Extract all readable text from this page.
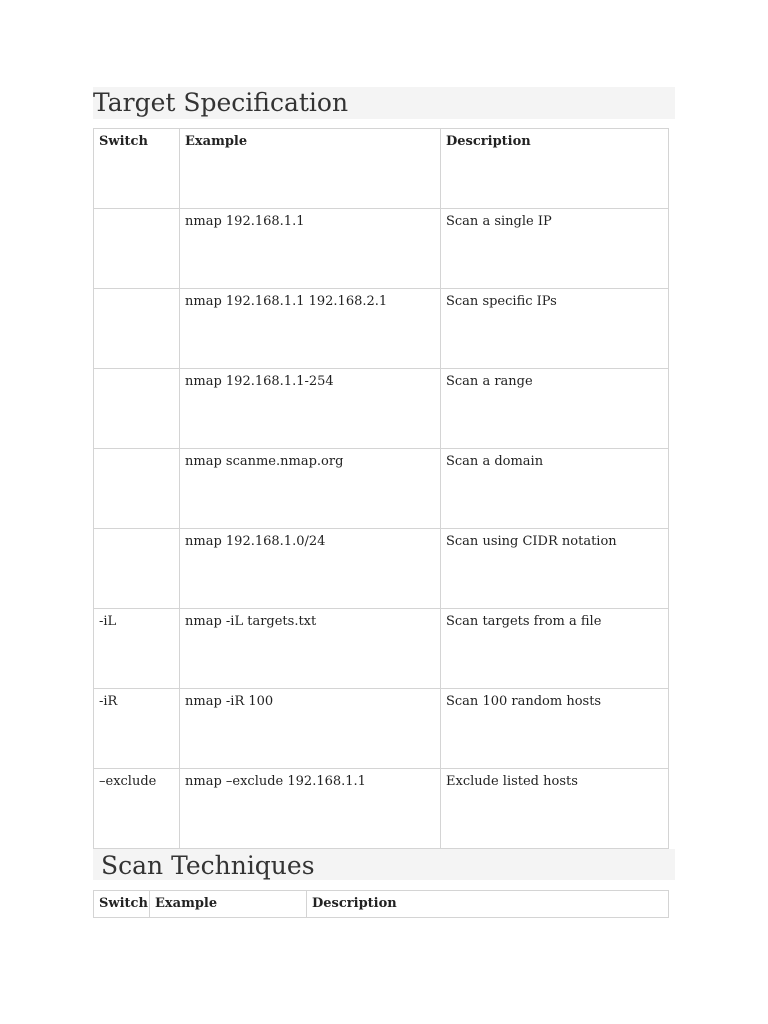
Target Specification
Switch	Example	Description
	nmap 192.168.1.1	Scan a single IP
	nmap 192.168.1.1 192.168.2.1	Scan specific IPs
	nmap 192.168.1.1-254	Scan a range
	nmap scanme.nmap.org	Scan a domain
	nmap 192.168.1.0/24	Scan using CIDR notation
-iL	nmap -iL targets.txt	Scan targets from a file
-iR	nmap -iR 100	Scan 100 random hosts
–exclude	nmap –exclude 192.168.1.1	Exclude listed hosts
Scan Techniques
Switch	Example	Description
